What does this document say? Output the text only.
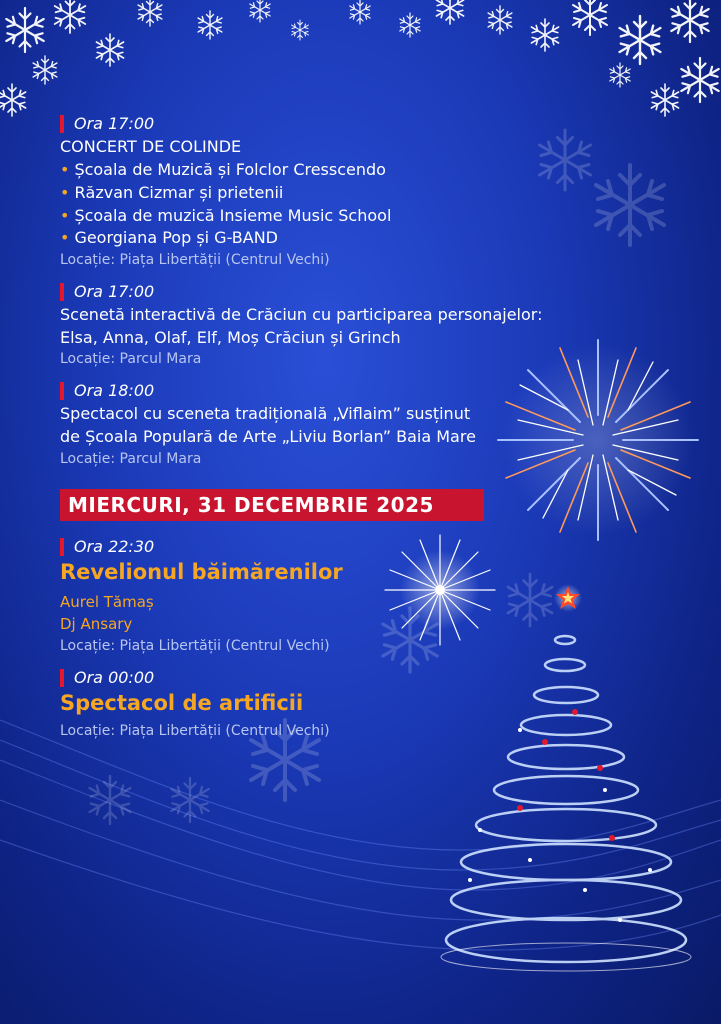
Ora 17:00
CONCERT DE COLINDE
• Școala de Muzică și Folclor Cresscendo
• Răzvan Cizmar și prietenii
• Școala de muzică Insieme Music School
• Georgiana Pop și G-BAND
Locație: Piața Libertății (Centrul Vechi)
Ora 17:00
Scenetă interactivă de Crăciun cu participarea personajelor:
Elsa, Anna, Olaf, Elf, Moș Crăciun și Grinch
Locație: Parcul Mara
Ora 18:00
Spectacol cu sceneta tradițională „Viflaim” susținut
de Școala Populară de Arte „Liviu Borlan” Baia Mare
Locație: Parcul Mara
MIERCURI, 31 DECEMBRIE 2025
Ora 22:30
Revelionul băimărenilor
Aurel Tămaș
Dj Ansary
Locație: Piața Libertății (Centrul Vechi)
Ora 00:00
Spectacol de artificii
Locație: Piața Libertății (Centrul Vechi)
